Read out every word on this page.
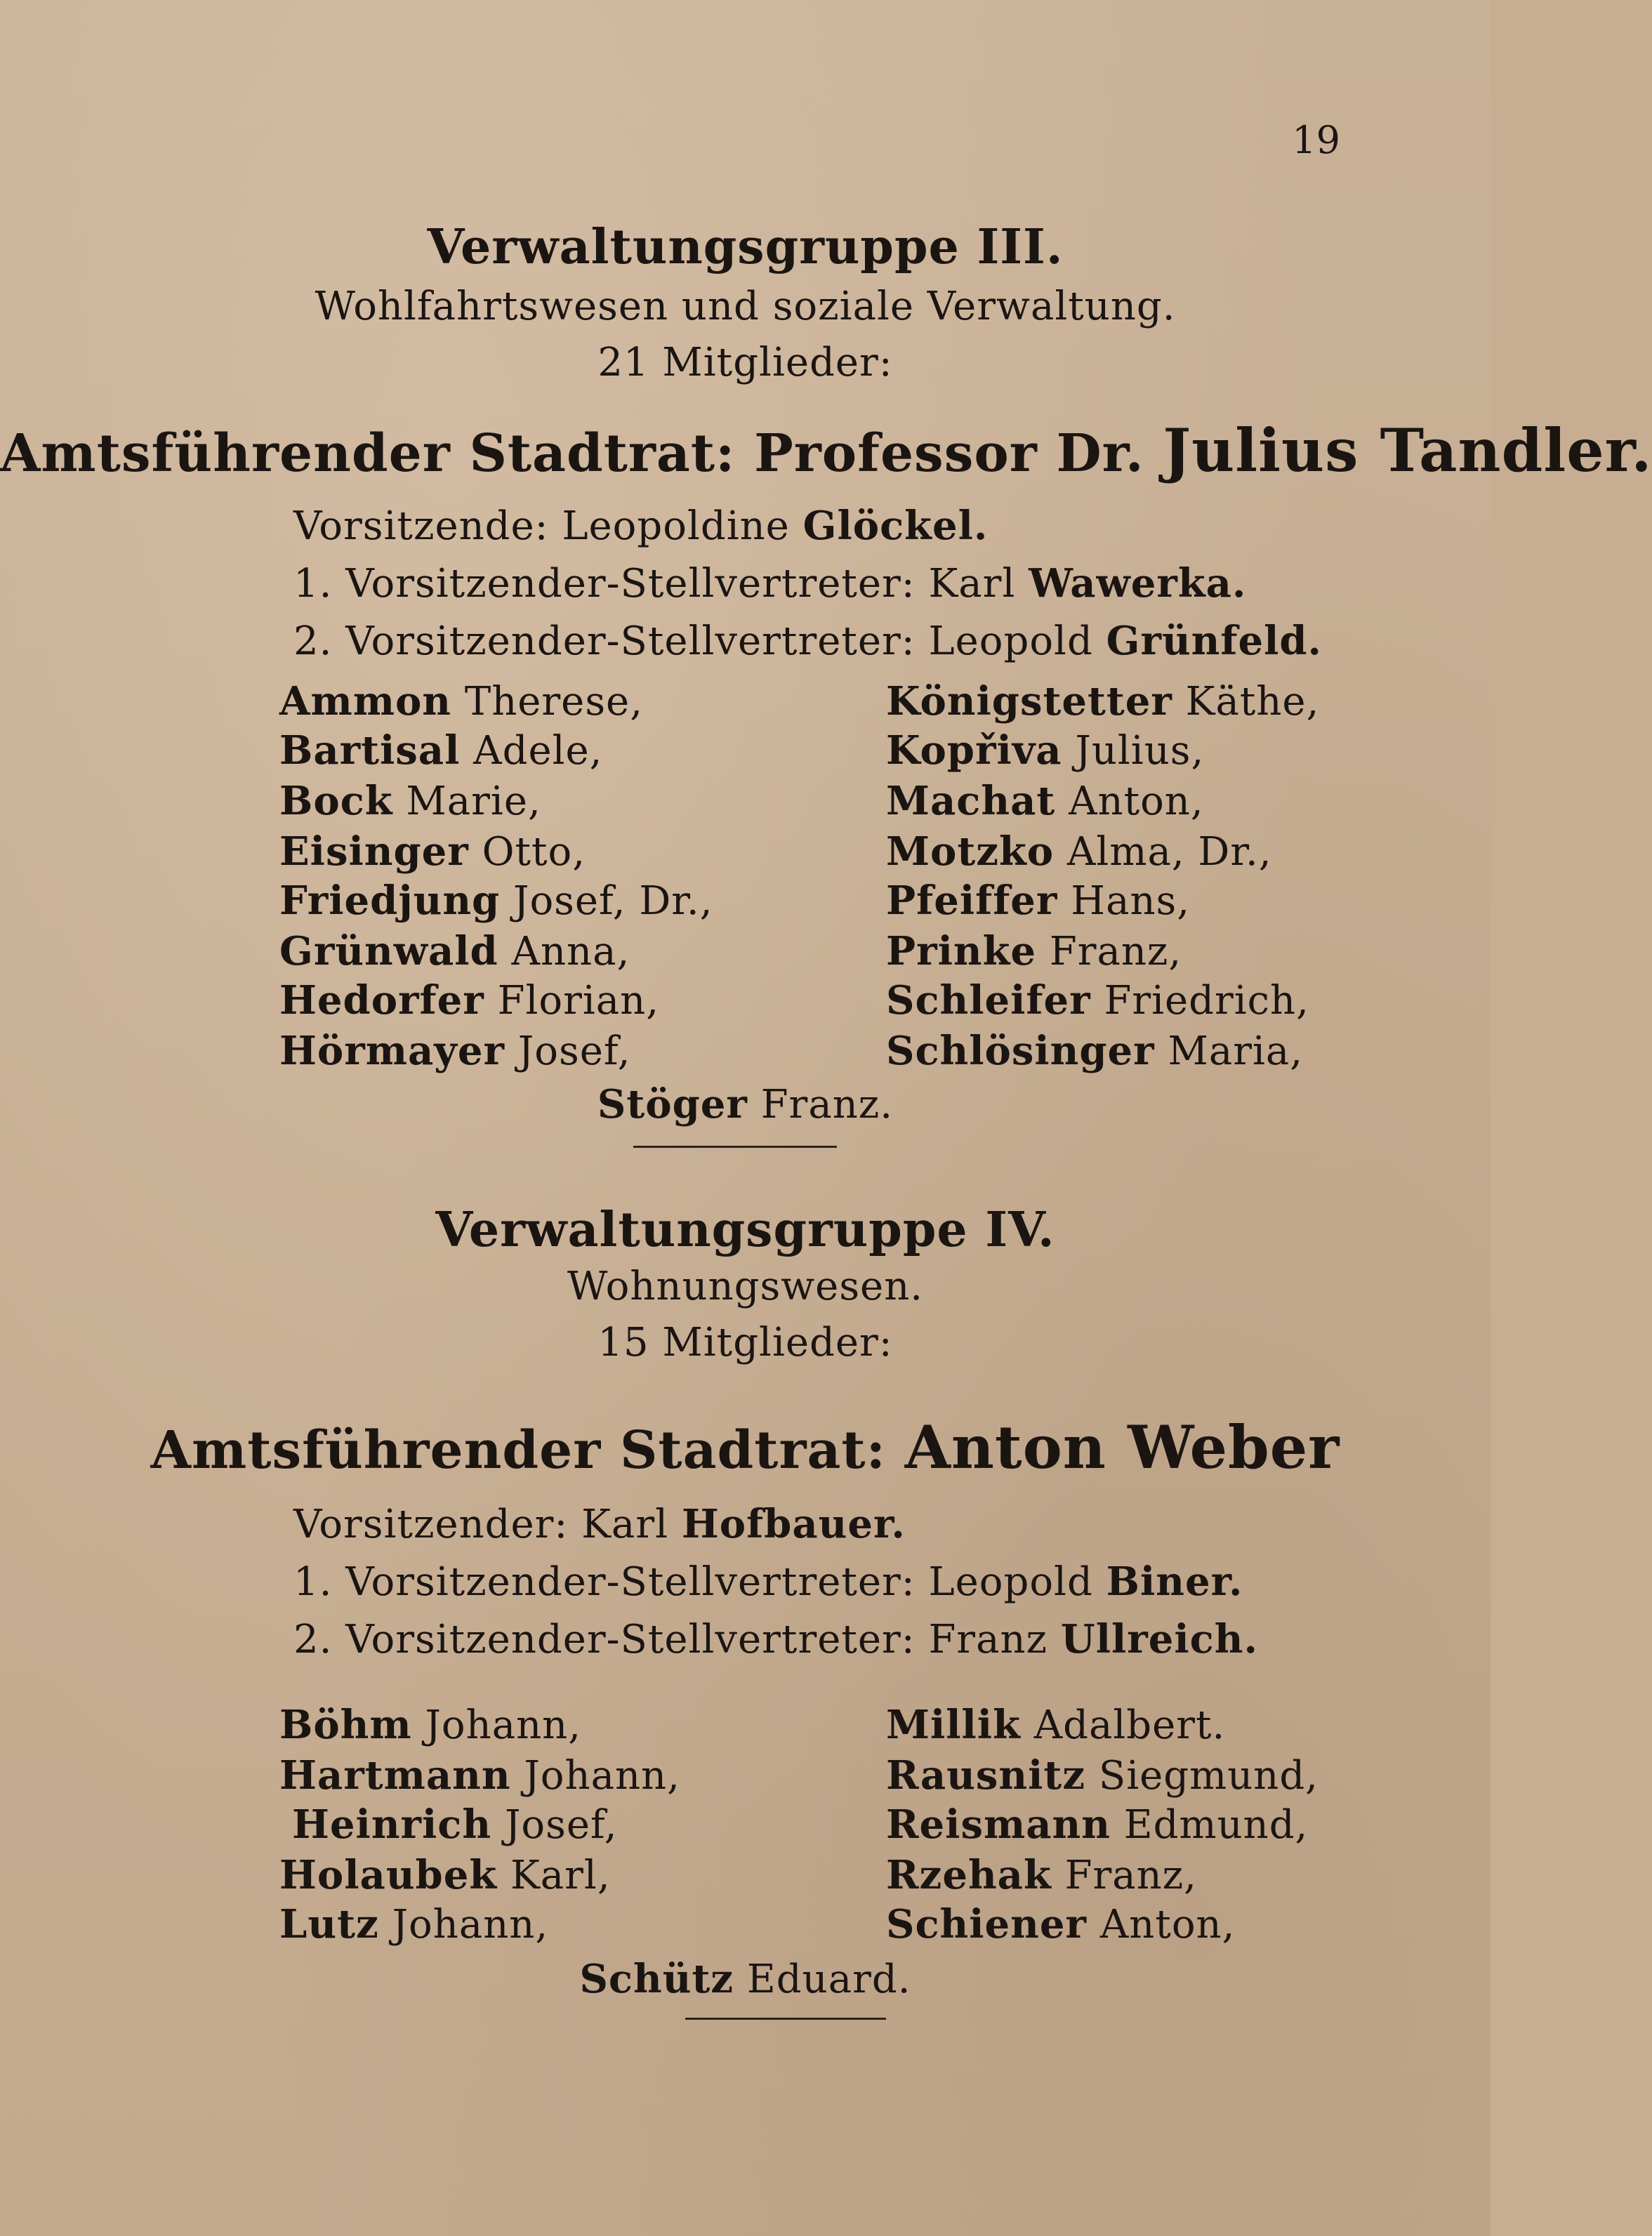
19
Verwaltungsgruppe III.
Wohlfahrtswesen und soziale Verwaltung.
21 Mitglieder:
Amtsführender Stadtrat: Professor Dr. Julius Tandler.
Vorsitzende: Leopoldine Glöckel.
1. Vorsitzender-Stellvertreter: Karl Wawerka.
2. Vorsitzender-Stellvertreter: Leopold Grünfeld.
Ammon Therese,
Bartisal Adele,
Bock Marie,
Eisinger Otto,
Friedjung Josef, Dr.,
Grünwald Anna,
Hedorfer Florian,
Hörmayer Josef,
Königstetter Käthe,
Kopřiva Julius,
Machat Anton,
Motzko Alma, Dr.,
Pfeiffer Hans,
Prinke Franz,
Schleifer Friedrich,
Schlösinger Maria,
Stöger Franz.
Verwaltungsgruppe IV.
Wohnungswesen.
15 Mitglieder:
Amtsführender Stadtrat: Anton Weber
Vorsitzender: Karl Hofbauer.
1. Vorsitzender-Stellvertreter: Leopold Biner.
2. Vorsitzender-Stellvertreter: Franz Ullreich.
Böhm Johann,
Hartmann Johann,
Heinrich Josef,
Holaubek Karl,
Lutz Johann,
Millik Adalbert.
Rausnitz Siegmund,
Reismann Edmund,
Rzehak Franz,
Schiener Anton,
Schütz Eduard.
